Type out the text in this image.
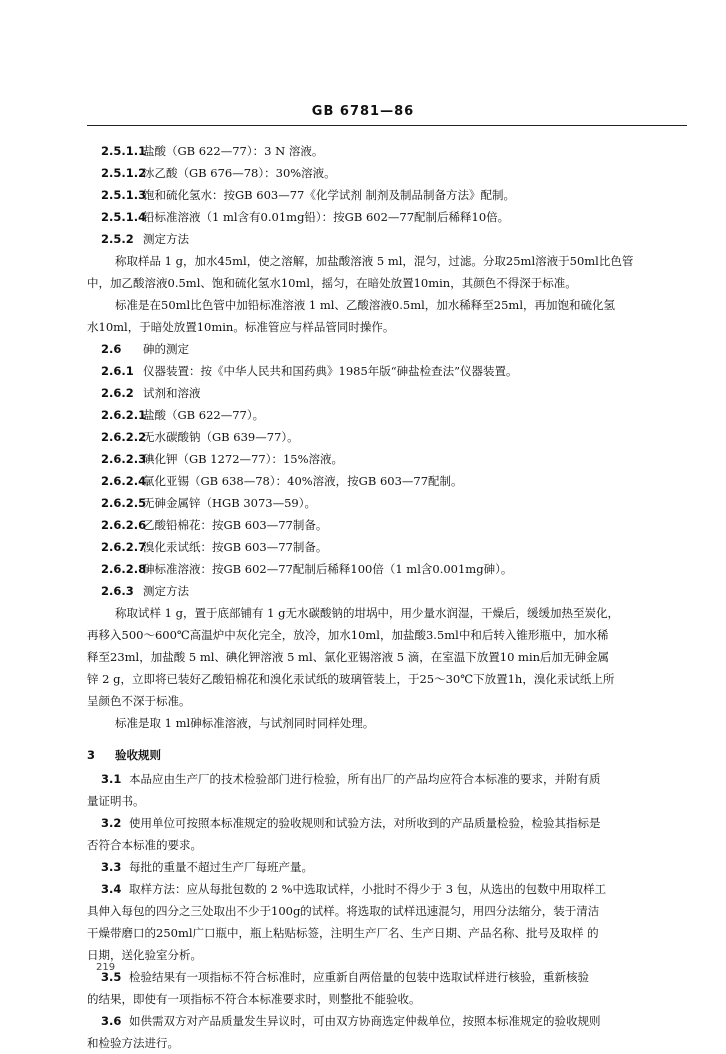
GB 6781—86
2.5.1.1盐酸（GB 622—77）：3 N 溶液。
2.5.1.2冰乙酸（GB 676—78）：30%溶液。
2.5.1.3饱和硫化氢水：按GB 603—77《化学试剂 制剂及制品制备方法》配制。
2.5.1.4铅标准溶液（1 ml含有0.01mg铅）：按GB 602—77配制后稀释10倍。
2.5.2 测定方法
称取样品 1 g，加水45ml，使之溶解，加盐酸溶液 5 ml，混匀，过滤。分取25ml溶液于50ml比色管
中，加乙酸溶液0.5ml、饱和硫化氢水10ml，摇匀，在暗处放置10min，其颜色不得深于标准。
标准是在50ml比色管中加铅标准溶液 1 ml、乙酸溶液0.5ml，加水稀释至25ml，再加饱和硫化氢
水10ml，于暗处放置10min。标准管应与样品管同时操作。
2.6 砷的测定
2.6.1 仪器装置：按《中华人民共和国药典》1985年版“砷盐检查法”仪器装置。
2.6.2 试剂和溶液
2.6.2.1盐酸（GB 622—77）。
2.6.2.2无水碳酸钠（GB 639—77）。
2.6.2.3碘化钾（GB 1272—77）：15%溶液。
2.6.2.4氯化亚锡（GB 638—78）：40%溶液，按GB 603—77配制。
2.6.2.5无砷金属锌（HGB 3073—59）。
2.6.2.6乙酸铅棉花：按GB 603—77制备。
2.6.2.7溴化汞试纸：按GB 603—77制备。
2.6.2.8砷标准溶液：按GB 602—77配制后稀释100倍（1 ml含0.001mg砷）。
2.6.3 测定方法
称取试样 1 g，置于底部铺有 1 g无水碳酸钠的坩埚中，用少量水润湿，干燥后，缓缓加热至炭化，
再移入500～600℃高温炉中灰化完全，放冷，加水10ml，加盐酸3.5ml中和后转入锥形瓶中，加水稀
释至23ml，加盐酸 5 ml、碘化钾溶液 5 ml、氯化亚锡溶液 5 滴，在室温下放置10 min后加无砷金属
锌 2 g，立即将已装好乙酸铅棉花和溴化汞试纸的玻璃管装上，于25～30℃下放置1h，溴化汞试纸上所
呈颜色不深于标准。
标准是取 1 ml砷标准溶液，与试剂同时同样处理。
3 验收规则
3.1 本品应由生产厂的技术检验部门进行检验，所有出厂的产品均应符合本标准的要求，并附有质
量证明书。
3.2 使用单位可按照本标准规定的验收规则和试验方法，对所收到的产品质量检验，检验其指标是
否符合本标准的要求。
3.3 每批的重量不超过生产厂每班产量。
3.4 取样方法：应从每批包数的 2 %中选取试样，小批时不得少于 3 包，从选出的包数中用取样工
具伸入每包的四分之三处取出不少于100g的试样。将选取的试样迅速混匀，用四分法缩分，装于清洁
干燥带磨口的250ml广口瓶中，瓶上粘贴标签，注明生产厂名、生产日期、产品名称、批号及取样 的
日期，送化验室分析。
3.5 检验结果有一项指标不符合标准时，应重新自两倍量的包装中选取试样进行核验，重新核验
的结果，即使有一项指标不符合本标准要求时，则整批不能验收。
3.6 如供需双方对产品质量发生异议时，可由双方协商选定仲裁单位，按照本标准规定的验收规则
和检验方法进行。
219
